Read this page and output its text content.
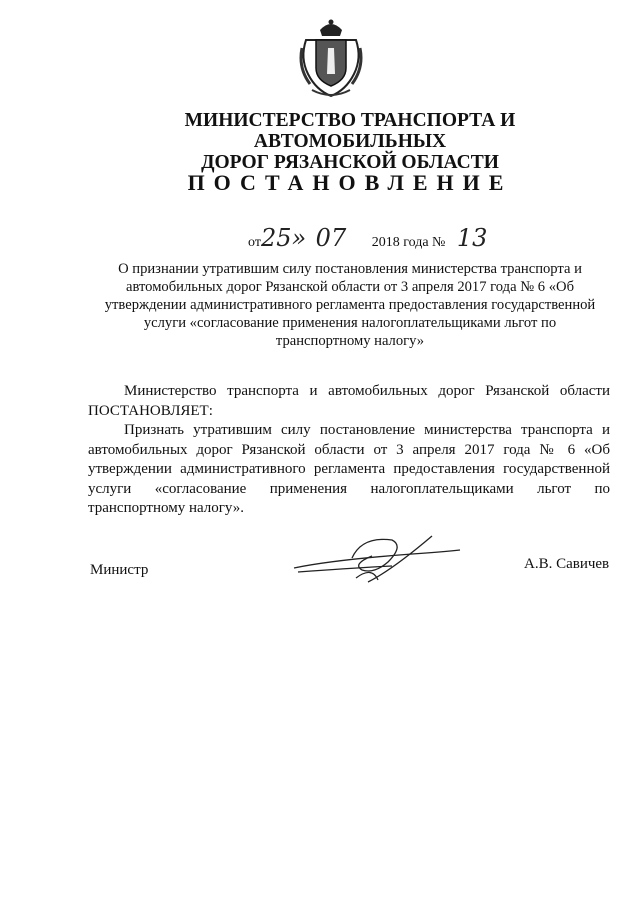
МИНИСТЕРСТВО ТРАНСПОРТА И АВТОМОБИЛЬНЫХ
ДОРОГ РЯЗАНСКОЙ ОБЛАСТИ
ПОСТАНОВЛЕНИЕ
от25» 07 2018 года № 13
О признании утратившим силу постановления министерства транспорта и автомобильных дорог Рязанской области от 3 апреля 2017 года № 6 «Об утверждении административного регламента предоставления государственной услуги «согласование применения налогоплательщиками льгот по транспортному налогу»

Министерство транспорта и автомобильных дорог Рязанской области ПОСТАНОВЛЯЕТ:

Признать утратившим силу постановление министерства транспорта и автомобильных дорог Рязанской области от 3 апреля 2017 года № 6 «Об утверждении административного регламента предоставления государственной услуги «согласование применения налогоплательщиками льгот по транспортному налогу».

Министр	А.В. Савичев
